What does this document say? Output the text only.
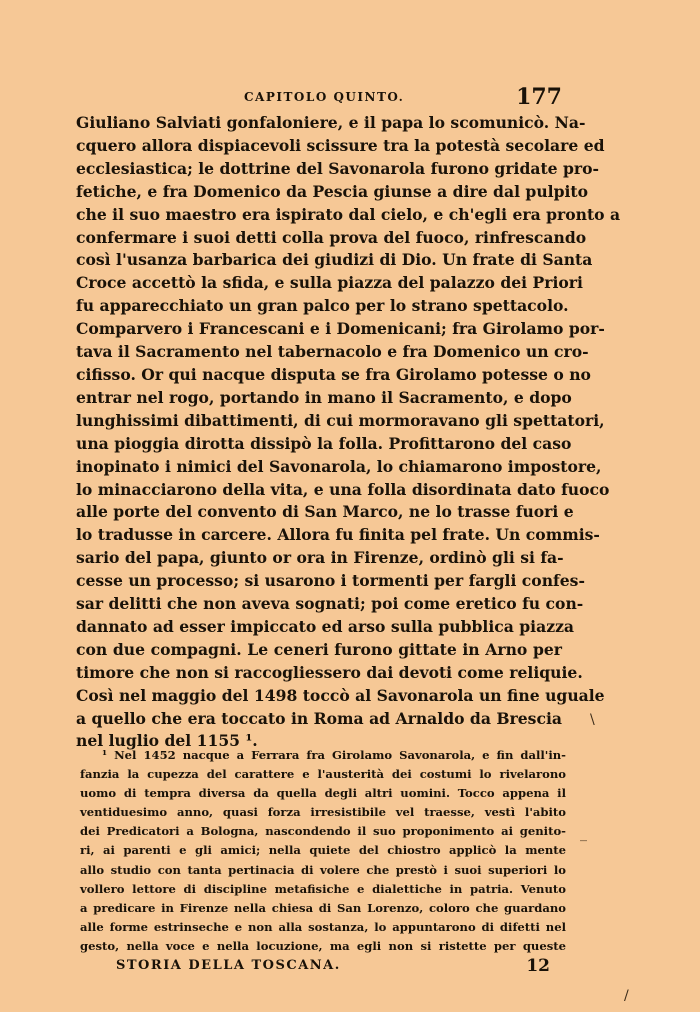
CAPITOLO QUINTO.	177
Giuliano Salviati gonfaloniere, e il papa lo scomunicò. Na-
cquero allora dispiacevoli scissure tra la potestà secolare ed
ecclesiastica; le dottrine del Savonarola furono gridate pro-
fetiche, e fra Domenico da Pescia giunse a dire dal pulpito
che il suo maestro era ispirato dal cielo, e ch'egli era pronto a
confermare i suoi detti colla prova del fuoco, rinfrescando
così l'usanza barbarica dei giudizi di Dio. Un frate di Santa
Croce accettò la sfida, e sulla piazza del palazzo dei Priori
fu apparecchiato un gran palco per lo strano spettacolo.
Comparvero i Francescani e i Domenicani; fra Girolamo por-
tava il Sacramento nel tabernacolo e fra Domenico un cro-
cifisso. Or qui nacque disputa se fra Girolamo potesse o no
entrar nel rogo, portando in mano il Sacramento, e dopo
lunghissimi dibattimenti, di cui mormoravano gli spettatori,
una pioggia dirotta dissipò la folla. Profittarono del caso
inopinato i nimici del Savonarola, lo chiamarono impostore,
lo minacciarono della vita, e una folla disordinata dato fuoco
alle porte del convento di San Marco, ne lo trasse fuori e
lo tradusse in carcere. Allora fu finita pel frate. Un commis-
sario del papa, giunto or ora in Firenze, ordinò gli si fa-
cesse un processo; si usarono i tormenti per fargli confes-
sar delitti che non aveva sognati; poi come eretico fu con-
dannato ad esser impiccato ed arso sulla pubblica piazza
con due compagni. Le ceneri furono gittate in Arno per
timore che non si raccogliessero dai devoti come reliquie.
Così nel maggio del 1498 toccò al Savonarola un fine uguale
a quello che era toccato in Roma ad Arnaldo da Brescia
nel luglio del 1155 ¹.
¹ Nel 1452 nacque a Ferrara fra Girolamo Savonarola, e fin dall'in-
fanzia la cupezza del carattere e l'austerità dei costumi lo rivelarono
uomo di tempra diversa da quella degli altri uomini. Tocco appena il
ventiduesimo anno, quasi forza irresistibile vel traesse, vestì l'abito
dei Predicatori a Bologna, nascondendo il suo proponimento ai genito-
ri, ai parenti e gli amici; nella quiete del chiostro applicò la mente
allo studio con tanta pertinacia di volere che prestò i suoi superiori lo
vollero lettore di discipline metafisiche e dialettiche in patria. Venuto
a predicare in Firenze nella chiesa di San Lorenzo, coloro che guardano
alle forme estrinseche e non alla sostanza, lo appuntarono di difetti nel
gesto, nella voce e nella locuzione, ma egli non si ristette per queste
STORIA DELLA TOSCANA.	12
\
_
/
